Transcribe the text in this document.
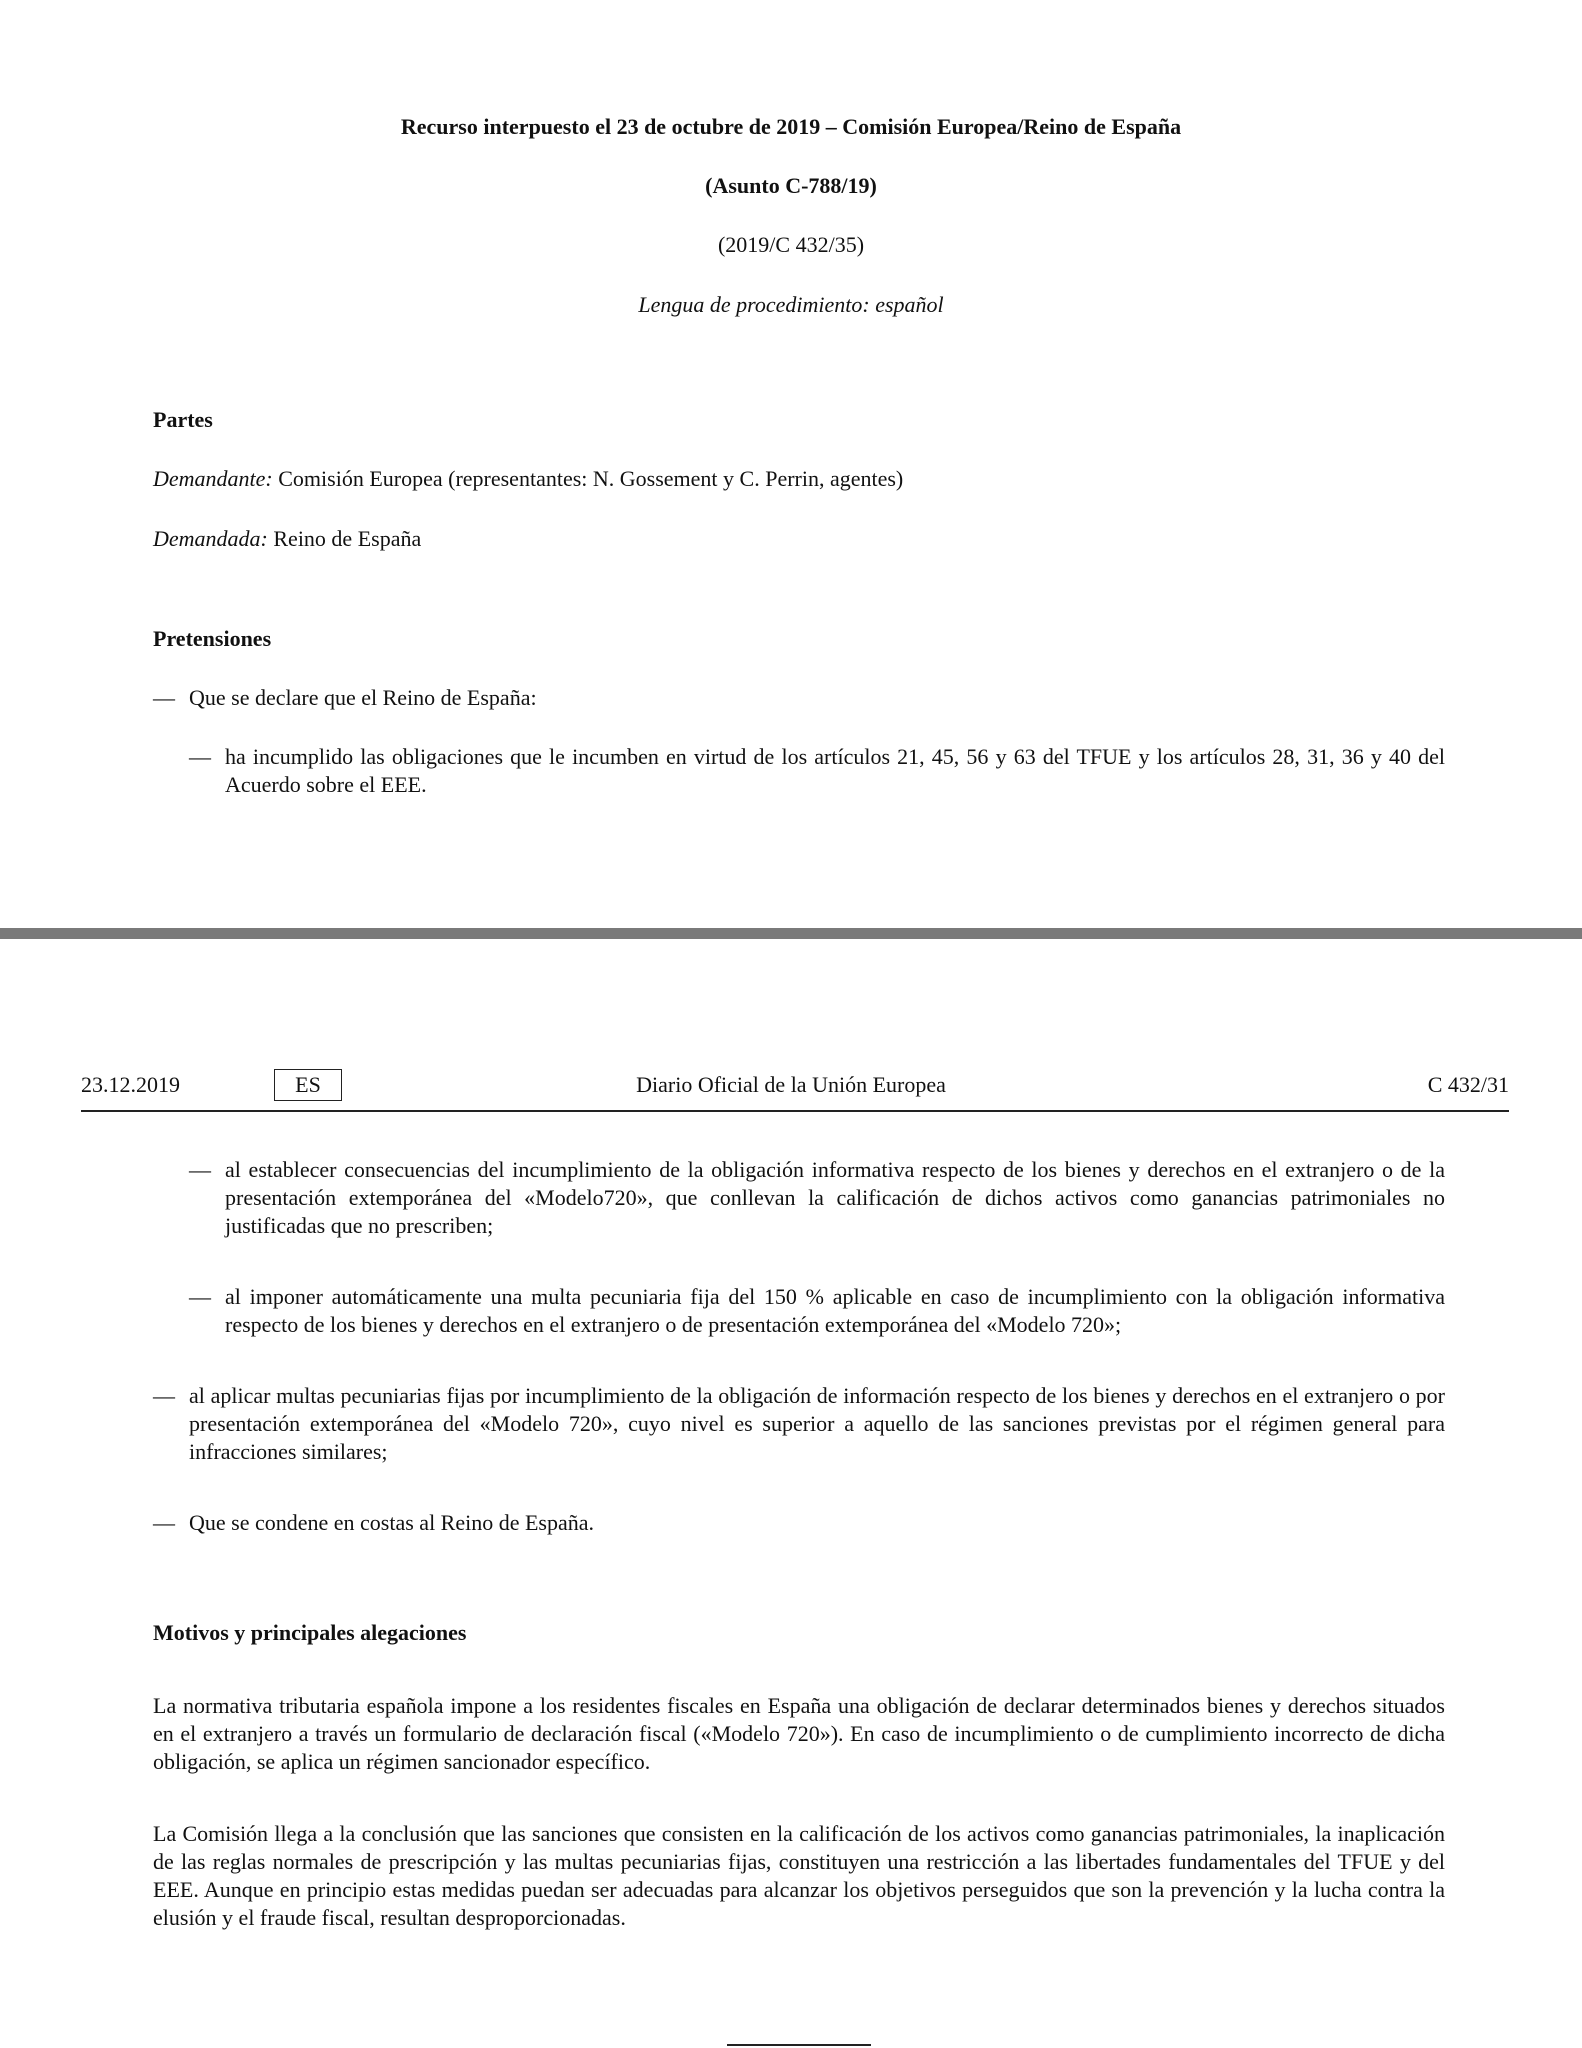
Recurso interpuesto el 23 de octubre de 2019 – Comisión Europea/Reino de España
(Asunto C-788/19)
(2019/C 432/35)
Lengua de procedimiento: español
Partes
Demandante: Comisión Europea (representantes: N. Gossement y C. Perrin, agentes)
Demandada: Reino de España
Pretensiones
— Que se declare que el Reino de España:
— ha incumplido las obligaciones que le incumben en virtud de los artículos 21, 45, 56 y 63 del TFUE y los artículos 28, 31, 36 y 40 del Acuerdo sobre el EEE.
23.12.2019	ES	Diario Oficial de la Unión Europea	C 432/31
— al establecer consecuencias del incumplimiento de la obligación informativa respecto de los bienes y derechos en el extranjero o de la presentación extemporánea del «Modelo720», que conllevan la calificación de dichos activos como ganancias patrimoniales no justificadas que no prescriben;
— al imponer automáticamente una multa pecuniaria fija del 150 % aplicable en caso de incumplimiento con la obligación informativa respecto de los bienes y derechos en el extranjero o de presentación extemporánea del «Modelo 720»;
— al aplicar multas pecuniarias fijas por incumplimiento de la obligación de información respecto de los bienes y derechos en el extranjero o por presentación extemporánea del «Modelo 720», cuyo nivel es superior a aquello de las sanciones previstas por el régimen general para infracciones similares;
— Que se condene en costas al Reino de España.
Motivos y principales alegaciones
La normativa tributaria española impone a los residentes fiscales en España una obligación de declarar determinados bienes y derechos situados en el extranjero a través un formulario de declaración fiscal («Modelo 720»). En caso de incumplimiento o de cumplimiento incorrecto de dicha obligación, se aplica un régimen sancionador específico.
La Comisión llega a la conclusión que las sanciones que consisten en la calificación de los activos como ganancias patrimoniales, la inaplicación de las reglas normales de prescripción y las multas pecuniarias fijas, constituyen una restricción a las libertades fundamentales del TFUE y del EEE. Aunque en principio estas medidas puedan ser adecuadas para alcanzar los objetivos perseguidos que son la prevención y la lucha contra la elusión y el fraude fiscal, resultan desproporcionadas.
